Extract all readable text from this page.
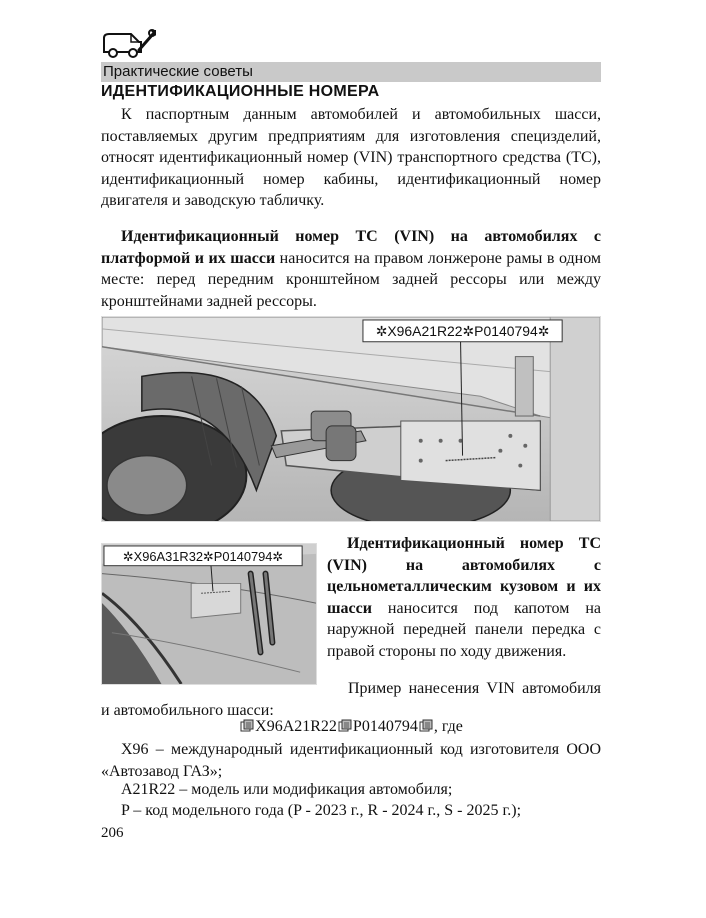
Практические советы
ИДЕНТИФИКАЦИОННЫЕ НОМЕРА

К паспортным данным автомобилей и автомобильных шасси, поставляемых другим предприятиям для изготовления специзделий, относят идентификационный номер (VIN) транспортного средства (ТС), идентификационный номер кабины, идентификационный номер двигателя и заводскую табличку.

Идентификационный номер ТС (VIN) на автомобилях с платформой и их шасси наносится на правом лонжероне рамы в одном месте: перед передним кронштейном задней рессоры или между кронштейнами задней рессоры.

✲X96A21R22✲P0140794✲
✲X96A31R32✲P0140794✲

Идентификационный номер ТС (VIN) на автомобилях с цельнометаллическим кузовом и их шасси наносится под капотом на наружной передней панели передка с правой стороны по ходу движения.

Пример нанесения VIN автомобиля и автомобильного шасси:

X96A21R22 P0140794 , где

X96 – международный идентификационный код изготовителя ООО «Автозавод ГАЗ»;

A21R22 – модель или модификация автомобиля;

P – код модельного года (P - 2023 г., R - 2024 г., S - 2025 г.);

206
